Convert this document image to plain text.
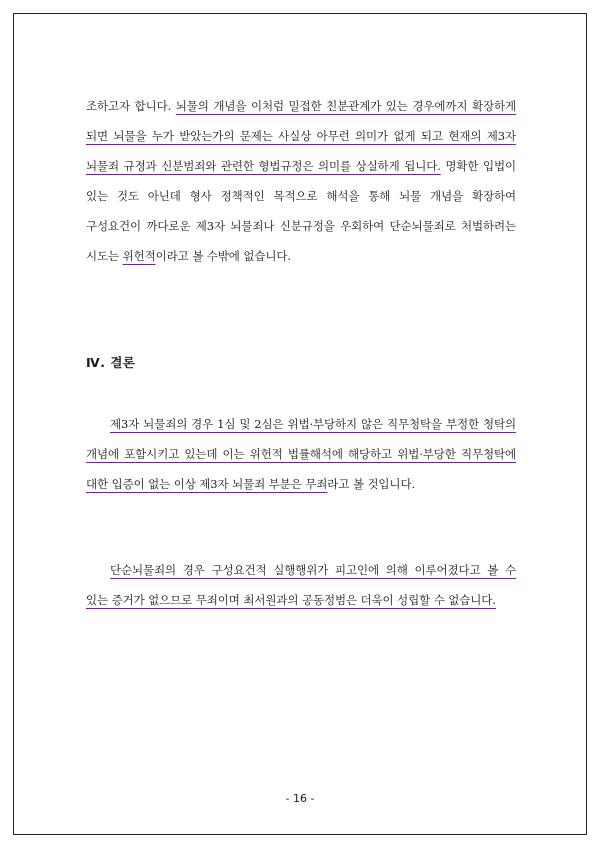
조하고자 합니다. 뇌물의 개념을 이처럼 밀접한 친분관계가 있는 경우에까지 확장하게 되면 뇌물을 누가 받았는가의 문제는 사실상 아무런 의미가 없게 되고 현재의 제3자 뇌물죄 규정과 신분범죄와 관련한 형법규정은 의미를 상실하게 됩니다. 명확한 입법이 있는 것도 아닌데 형사 정책적인 목적으로 해석을 통해 뇌물 개념을 확장하여 구성요건이 까다로운 제3자 뇌물죄나 신분규정을 우회하여 단순뇌물죄로 처벌하려는 시도는 위헌적이라고 볼 수밖에 없습니다.

Ⅳ. 결론

제3자 뇌물죄의 경우 1심 및 2심은 위법·부당하지 않은 직무청탁을 부정한 청탁의 개념에 포함시키고 있는데 이는 위헌적 법률해석에 해당하고 위법·부당한 직무청탁에 대한 입증이 없는 이상 제3자 뇌물죄 부분은 무죄라고 볼 것입니다.

단순뇌물죄의 경우 구성요건적 실행행위가 피고인에 의해 이루어졌다고 볼 수 있는 증거가 없으므로 무죄이며 최서원과의 공동정범은 더욱이 성립할 수 없습니다.

- 16 -
